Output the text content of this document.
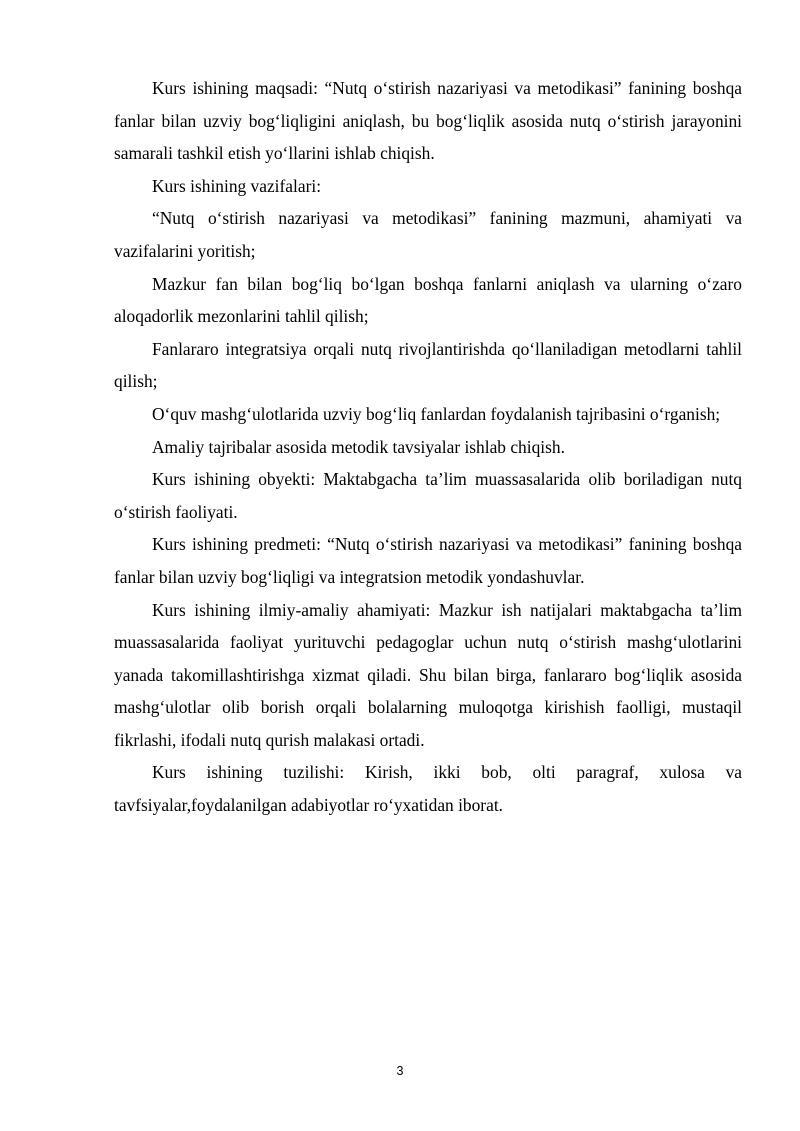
Kurs ishining maqsadi: “Nutq o‘stirish nazariyasi va metodikasi” fanining boshqa fanlar bilan uzviy bog‘liqligini aniqlash, bu bog‘liqlik asosida nutq o‘stirish jarayonini samarali tashkil etish yo‘llarini ishlab chiqish.

Kurs ishining vazifalari:

“Nutq o‘stirish nazariyasi va metodikasi” fanining mazmuni, ahamiyati va vazifalarini yoritish;

Mazkur fan bilan bog‘liq bo‘lgan boshqa fanlarni aniqlash va ularning o‘zaro aloqadorlik mezonlarini tahlil qilish;

Fanlararo integratsiya orqali nutq rivojlantirishda qo‘llaniladigan metodlarni tahlil qilish;

O‘quv mashg‘ulotlarida uzviy bog‘liq fanlardan foydalanish tajribasini o‘rganish;

Amaliy tajribalar asosida metodik tavsiyalar ishlab chiqish.

Kurs ishining obyekti: Maktabgacha ta’lim muassasalarida olib boriladigan nutq o‘stirish faoliyati.

Kurs ishining predmeti: “Nutq o‘stirish nazariyasi va metodikasi” fanining boshqa fanlar bilan uzviy bog‘liqligi va integratsion metodik yondashuvlar.

Kurs ishining ilmiy-amaliy ahamiyati: Mazkur ish natijalari maktabgacha ta’lim muassasalarida faoliyat yurituvchi pedagoglar uchun nutq o‘stirish mashg‘ulotlarini yanada takomillashtirishga xizmat qiladi. Shu bilan birga, fanlararo bog‘liqlik asosida mashg‘ulotlar olib borish orqali bolalarning muloqotga kirishish faolligi, mustaqil fikrlashi, ifodali nutq qurish malakasi ortadi.

Kurs ishining tuzilishi: Kirish, ikki bob, olti paragraf, xulosa va tavfsiyalar,foydalanilgan adabiyotlar ro‘yxatidan iborat.

3
